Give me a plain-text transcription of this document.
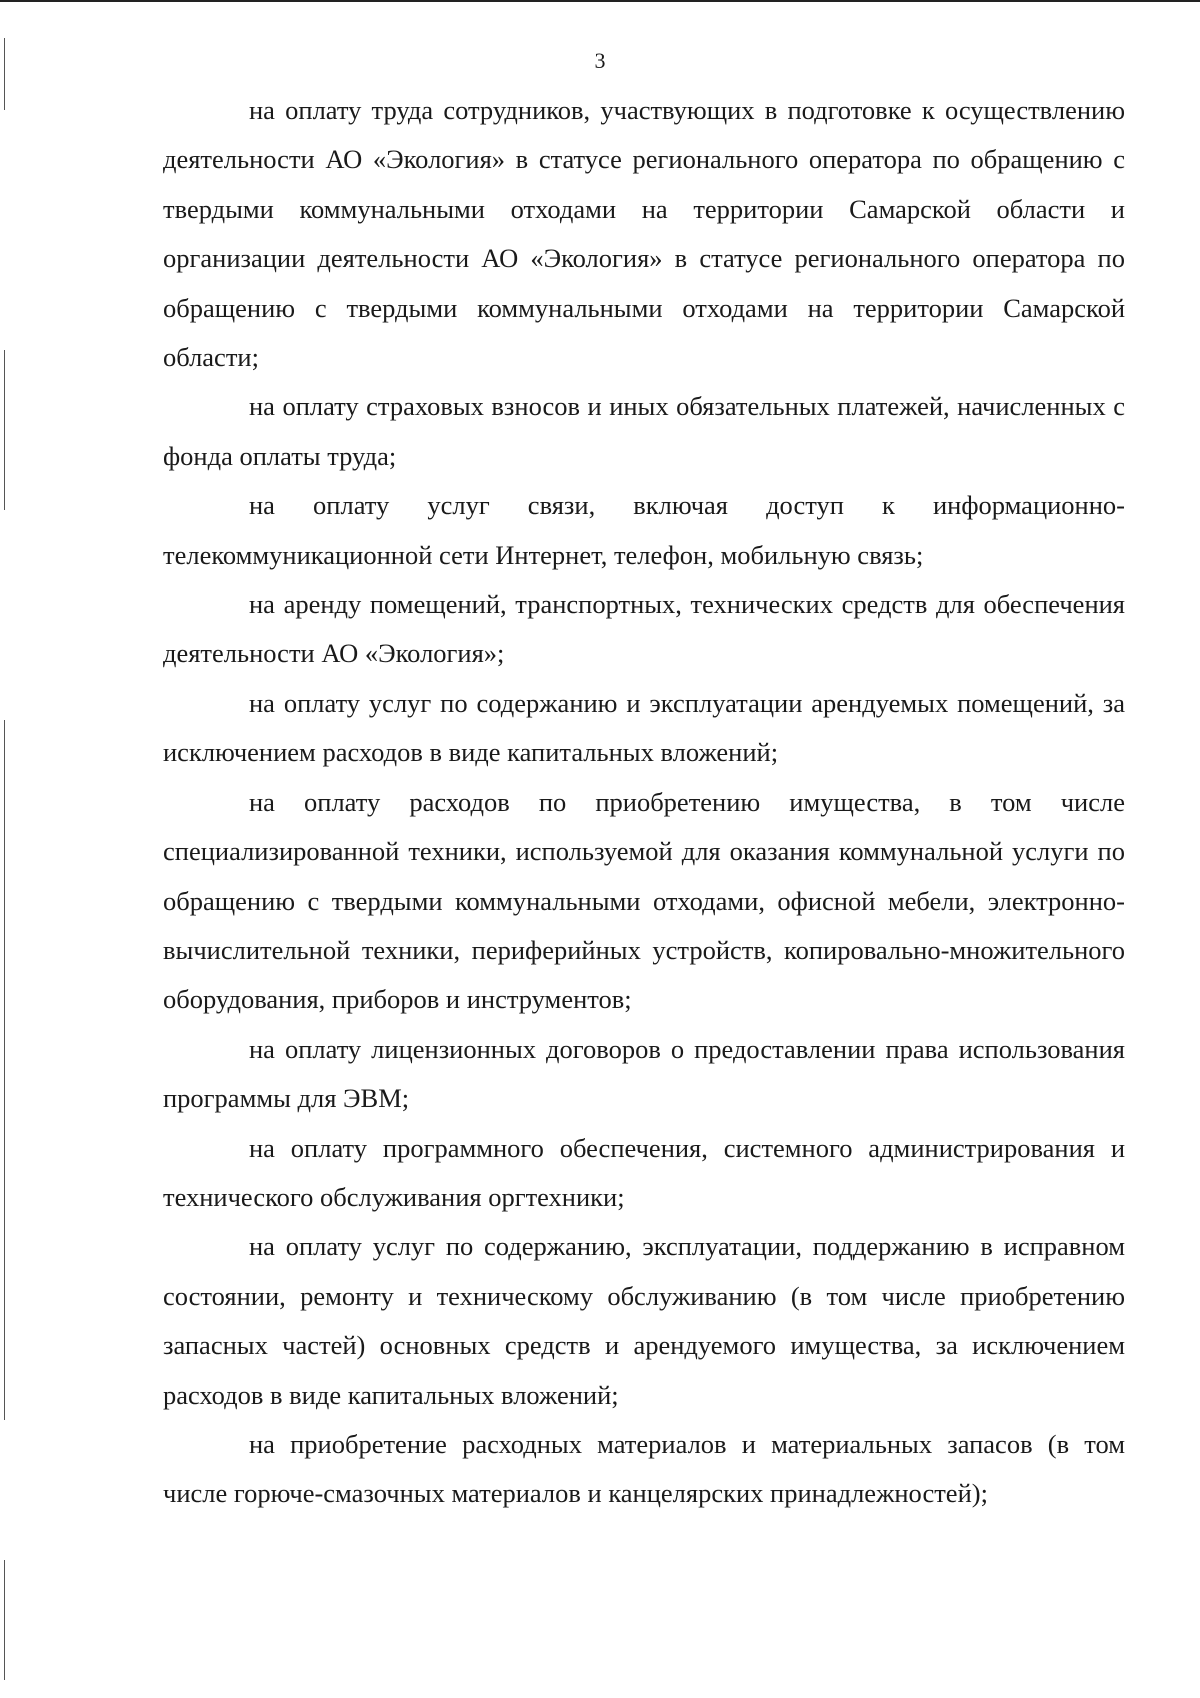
3

на оплату труда сотрудников, участвующих в подготовке к осуществлению деятельности АО «Экология» в статусе регионального оператора по обращению с твердыми коммунальными отходами на территории Самарской области и организации деятельности АО «Экология» в статусе регионального оператора по обращению с твердыми коммунальными отходами на территории Самарской области;

на оплату страховых взносов и иных обязательных платежей, начисленных с фонда оплаты труда;

на оплату услуг связи, включая доступ к информационно-телекоммуникационной сети Интернет, телефон, мобильную связь;

на аренду помещений, транспортных, технических средств для обеспечения деятельности АО «Экология»;

на оплату услуг по содержанию и эксплуатации арендуемых помещений, за исключением расходов в виде капитальных вложений;

на оплату расходов по приобретению имущества, в том числе специализированной техники, используемой для оказания коммунальной услуги по обращению с твердыми коммунальными отходами, офисной мебели, электронно-вычислительной техники, периферийных устройств, копировально-множительного оборудования, приборов и инструментов;

на оплату лицензионных договоров о предоставлении права использования программы для ЭВМ;

на оплату программного обеспечения, системного администрирования и технического обслуживания оргтехники;

на оплату услуг по содержанию, эксплуатации, поддержанию в исправном состоянии, ремонту и техническому обслуживанию (в том числе приобретению запасных частей) основных средств и арендуемого имущества, за исключением расходов в виде капитальных вложений;

на приобретение расходных материалов и материальных запасов (в том числе горюче-смазочных материалов и канцелярских принадлежностей);
